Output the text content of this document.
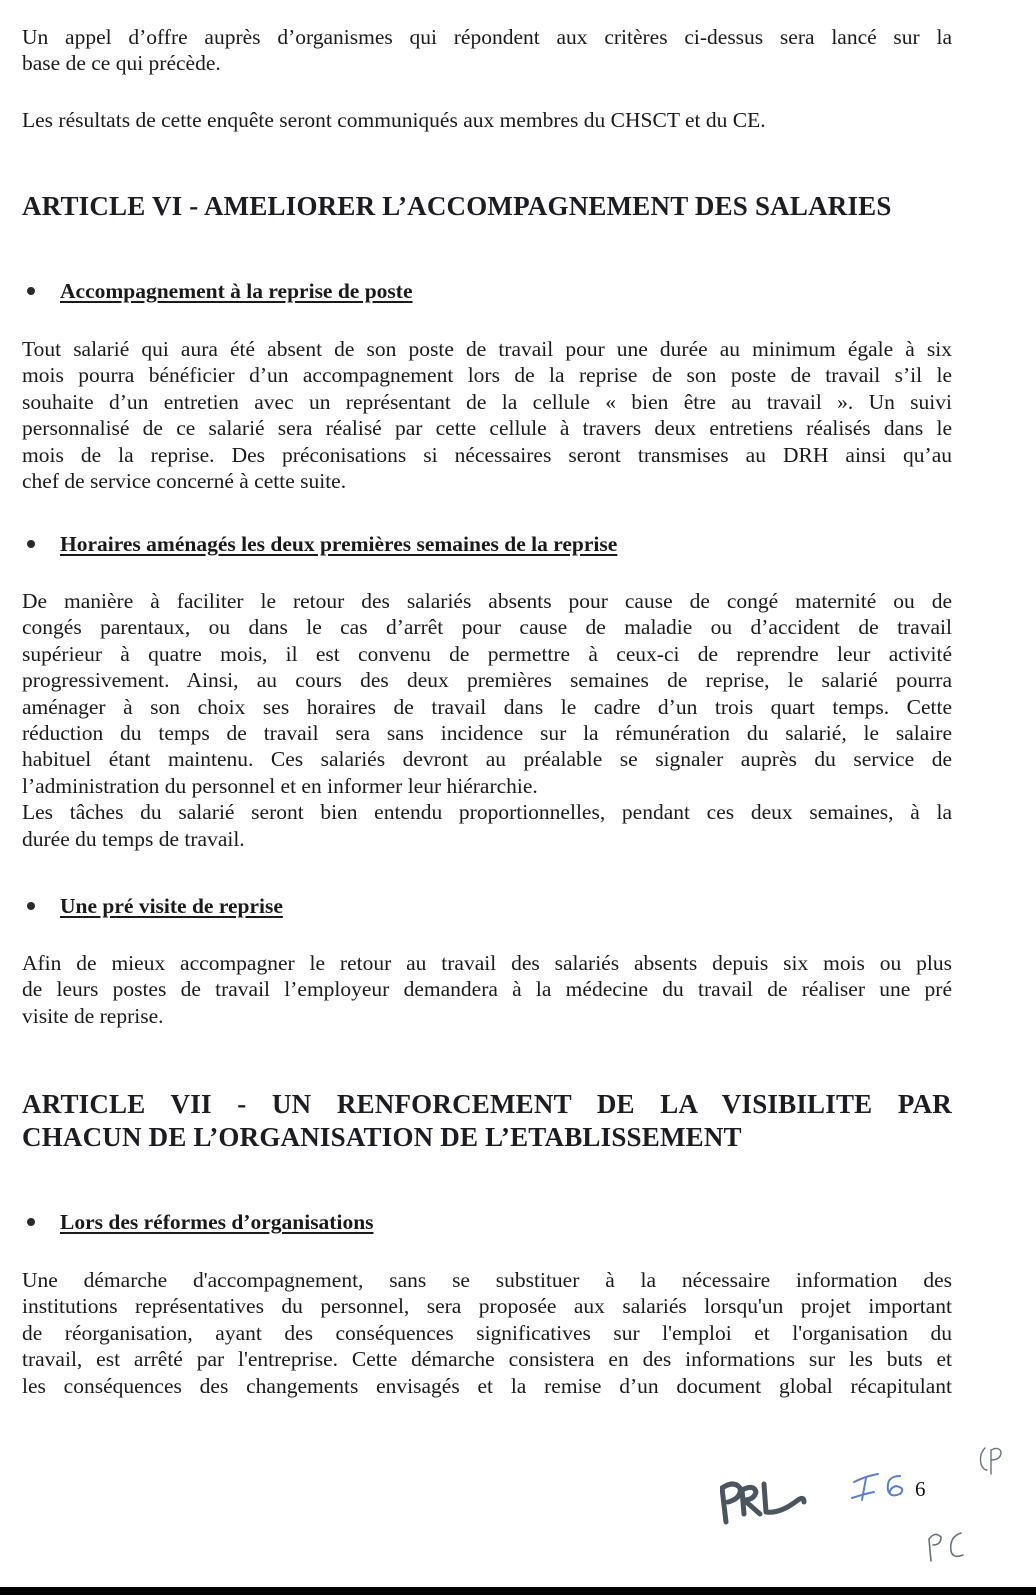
Un appel d’offre auprès d’organismes qui répondent aux critères ci-dessus sera lancé sur la
base de ce qui précède.
Les résultats de cette enquête seront communiqués aux membres du CHSCT et du CE.
ARTICLE VI - AMELIORER L’ACCOMPAGNEMENT DES SALARIES
Accompagnement à la reprise de poste
Tout salarié qui aura été absent de son poste de travail pour une durée au minimum égale à six
mois pourra bénéficier d’un accompagnement lors de la reprise de son poste de travail s’il le
souhaite d’un entretien avec un représentant de la cellule « bien être au travail ». Un suivi
personnalisé de ce salarié sera réalisé par cette cellule à travers deux entretiens réalisés dans le
mois de la reprise. Des préconisations si nécessaires seront transmises au DRH ainsi qu’au
chef de service concerné à cette suite.
Horaires aménagés les deux premières semaines de la reprise
De manière à faciliter le retour des salariés absents pour cause de congé maternité ou de
congés parentaux, ou dans le cas d’arrêt pour cause de maladie ou d’accident de travail
supérieur à quatre mois, il est convenu de permettre à ceux-ci de reprendre leur activité
progressivement. Ainsi, au cours des deux premières semaines de reprise, le salarié pourra
aménager à son choix ses horaires de travail dans le cadre d’un trois quart temps. Cette
réduction du temps de travail sera sans incidence sur la rémunération du salarié, le salaire
habituel étant maintenu. Ces salariés devront au préalable se signaler auprès du service de
l’administration du personnel et en informer leur hiérarchie.
Les tâches du salarié seront bien entendu proportionnelles, pendant ces deux semaines, à la
durée du temps de travail.
Une pré visite de reprise
Afin de mieux accompagner le retour au travail des salariés absents depuis six mois ou plus
de leurs postes de travail l’employeur demandera à la médecine du travail de réaliser une pré
visite de reprise.
ARTICLE VII - UN RENFORCEMENT DE LA VISIBILITE PAR
CHACUN DE L’ORGANISATION DE L’ETABLISSEMENT
Lors des réformes d’organisations
Une démarche d'accompagnement, sans se substituer à la nécessaire information des
institutions représentatives du personnel, sera proposée aux salariés lorsqu'un projet important
de réorganisation, ayant des conséquences significatives sur l'emploi et l'organisation du
travail, est arrêté par l'entreprise. Cette démarche consistera en des informations sur les buts et
les conséquences des changements envisagés et la remise d’un document global récapitulant
6
